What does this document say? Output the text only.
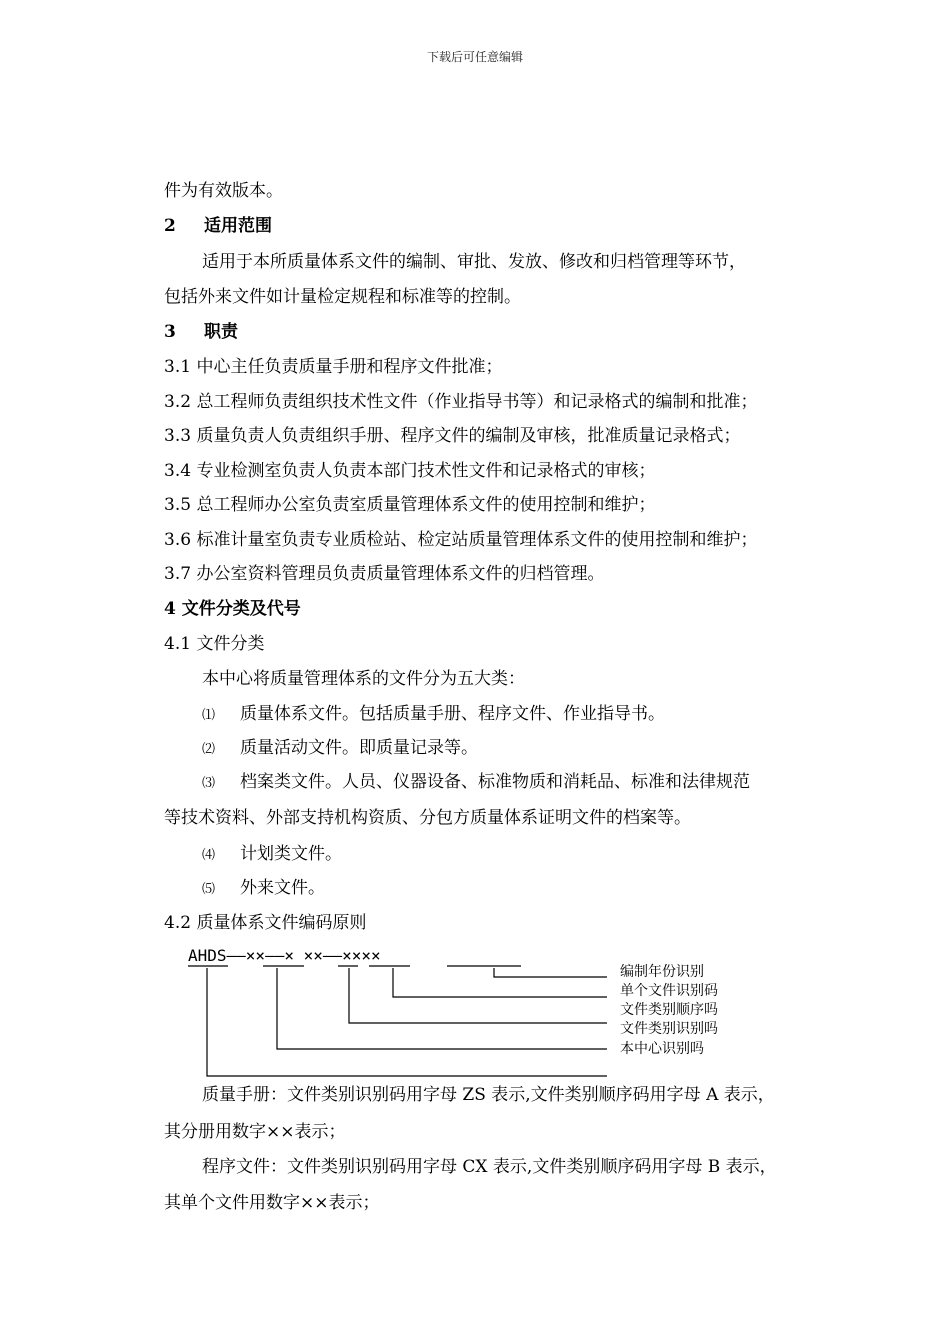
下载后可任意编辑
件为有效版本。
2 适用范围
适用于本所质量体系文件的编制、审批、发放、修改和归档管理等环节，
包括外来文件如计量检定规程和标准等的控制。
3 职责
3.1 中心主任负责质量手册和程序文件批准；
3.2 总工程师负责组织技术性文件（作业指导书等）和记录格式的编制和批准；
3.3 质量负责人负责组织手册、程序文件的编制及审核，批准质量记录格式；
3.4 专业检测室负责人负责本部门技术性文件和记录格式的审核；
3.5 总工程师办公室负责室质量管理体系文件的使用控制和维护；
3.6 标准计量室负责专业质检站、检定站质量管理体系文件的使用控制和维护；
3.7 办公室资料管理员负责质量管理体系文件的归档管理。
4 文件分类及代号
4.1 文件分类
本中心将质量管理体系的文件分为五大类：
⑴ 质量体系文件。包括质量手册、程序文件、作业指导书。
⑵ 质量活动文件。即质量记录等。
⑶ 档案类文件。人员、仪器设备、标准物质和消耗品、标准和法律规范
等技术资料、外部支持机构资质、分包方质量体系证明文件的档案等。
⑷ 计划类文件。
⑸ 外来文件。
4.2 质量体系文件编码原则
AHDS——××——× ××——××××
编制年份识别
单个文件识别码
文件类别顺序吗
文件类别识别吗
本中心识别吗
质量手册：文件类别识别码用字母 ZS 表示,文件类别顺序码用字母 A 表示，
其分册用数字××表示；
程序文件：文件类别识别码用字母 CX 表示,文件类别顺序码用字母 B 表示，
其单个文件用数字××表示；
